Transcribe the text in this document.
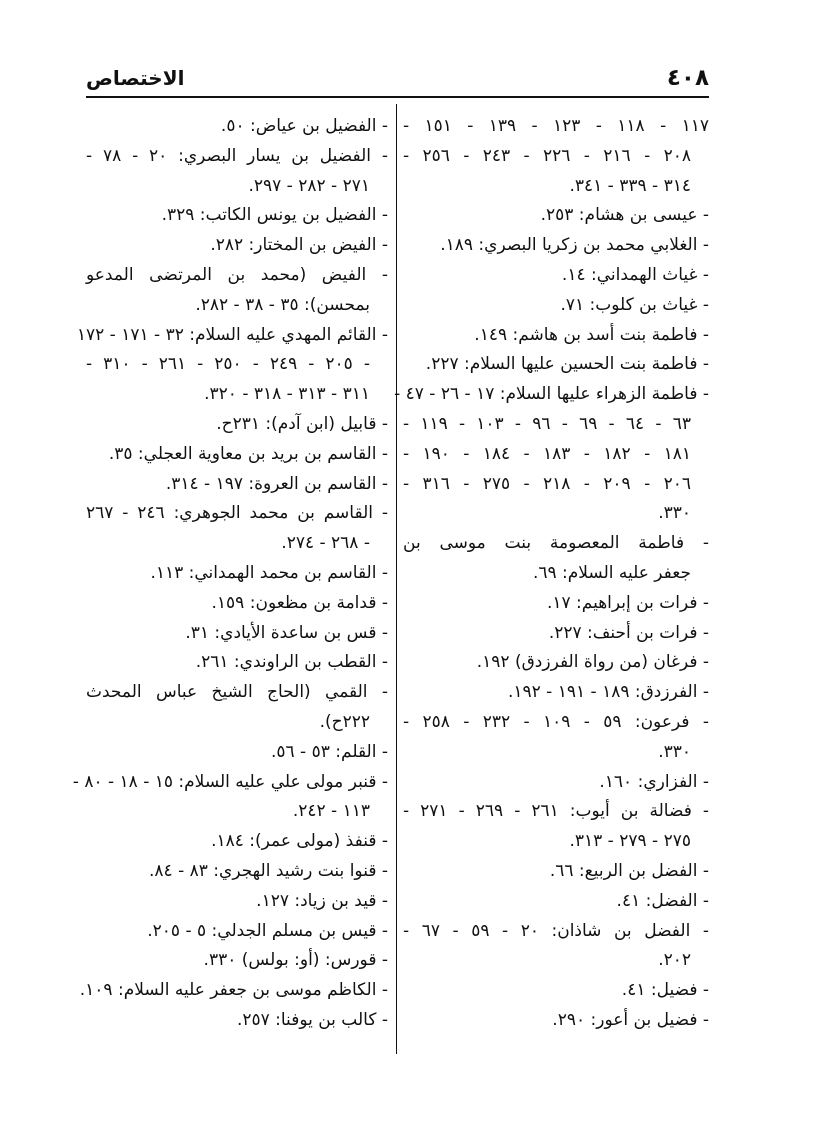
٤٠٨
الاختصاص
١١٧ - ١١٨ - ١٢٣ - ١٣٩ - ١٥١ -
٢٠٨ - ٢١٦ - ٢٢٦ - ٢٤٣ - ٢٥٦ -
٣١٤ - ٣٣٩ - ٣٤١.
- عيسى بن هشام: ٢٥٣.
- الغلابي محمد بن زكريا البصري: ١٨٩.
- غياث الهمداني: ١٤.
- غياث بن كلوب: ٧١.
- فاطمة بنت أسد بن هاشم: ١٤٩.
- فاطمة بنت الحسين عليها السلام: ٢٢٧.
- فاطمة الزهراء عليها السلام: ١٧ - ٢٦ - ٤٧ -
٦٣ - ٦٤ - ٦٩ - ٩٦ - ١٠٣ - ١١٩ -
١٨١ - ١٨٢ - ١٨٣ - ١٨٤ - ١٩٠ -
٢٠٦ - ٢٠٩ - ٢١٨ - ٢٧٥ - ٣١٦ -
٣٣٠.
- فاطمة المعصومة بنت موسى بن
جعفر عليه السلام: ٦٩.
- فرات بن إبراهيم: ١٧.
- فرات بن أحنف: ٢٢٧.
- فرغان (من رواة الفرزدق) ١٩٢.
- الفرزدق: ١٨٩ - ١٩١ - ١٩٢.
- فرعون: ٥٩ - ١٠٩ - ٢٣٢ - ٢٥٨ -
٣٣٠.
- الفزاري: ١٦٠.
- فضالة بن أيوب: ٢٦١ - ٢٦٩ - ٢٧١ -
٢٧٥ - ٢٧٩ - ٣١٣.
- الفضل بن الربيع: ٦٦.
- الفضل: ٤١.
- الفضل بن شاذان: ٢٠ - ٥٩ - ٦٧ -
٢٠٢.
- فضيل: ٤١.
- فضيل بن أعور: ٢٩٠.
- الفضيل بن عياض: ٥٠.
- الفضيل بن يسار البصري: ٢٠ - ٧٨ -
٢٧١ - ٢٨٢ - ٢٩٧.
- الفضيل بن يونس الكاتب: ٣٢٩.
- الفيض بن المختار: ٢٨٢.
- الفيض (محمد بن المرتضى المدعو
بمحسن): ٣٥ - ٣٨ - ٢٨٢.
- القائم المهدي عليه السلام: ٣٢ - ١٧١ - ١٧٢
- ٢٠٥ - ٢٤٩ - ٢٥٠ - ٢٦١ - ٣١٠ -
٣١١ - ٣١٣ - ٣١٨ - ٣٢٠.
- قابيل (ابن آدم): ٢٣١ح.
- القاسم بن بريد بن معاوية العجلي: ٣٥.
- القاسم بن العروة: ١٩٧ - ٣١٤.
- القاسم بن محمد الجوهري: ٢٤٦ - ٢٦٧
- ٢٦٨ - ٢٧٤.
- القاسم بن محمد الهمداني: ١١٣.
- قدامة بن مظعون: ١٥٩.
- قس بن ساعدة الأيادي: ٣١.
- القطب بن الراوندي: ٢٦١.
- القمي (الحاج الشيخ عباس المحدث
٢٢٢ح).
- القلم: ٥٣ - ٥٦.
- قنبر مولى علي عليه السلام: ١٥ - ١٨ - ٨٠ -
١١٣ - ٢٤٢.
- قنفذ (مولى عمر): ١٨٤.
- قنوا بنت رشيد الهجري: ٨٣ - ٨٤.
- قيد بن زياد: ١٢٧.
- قيس بن مسلم الجدلي: ٥ - ٢٠٥.
- قورس: (أو: بولس) ٣٣٠.
- الكاظم موسى بن جعفر عليه السلام: ١٠٩.
- كالب بن يوفنا: ٢٥٧.
